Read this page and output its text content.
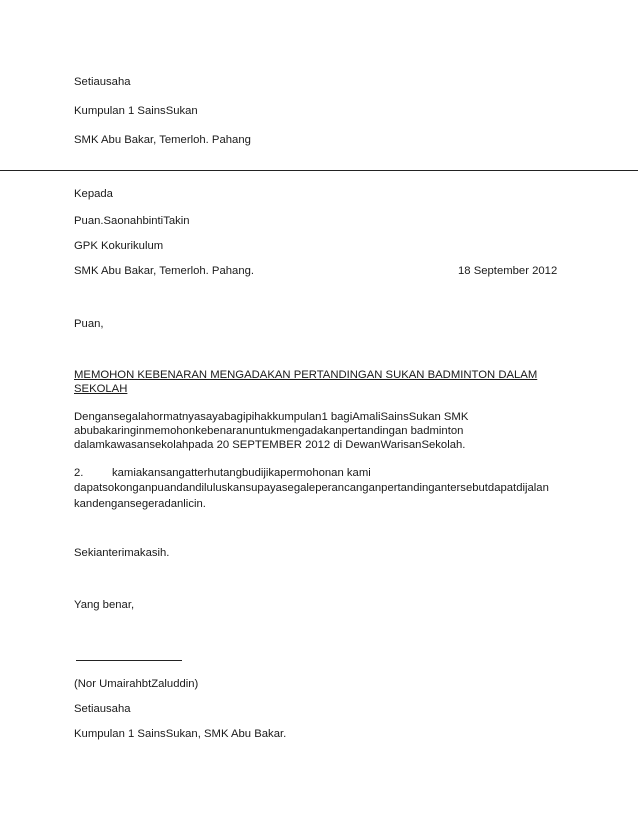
Setiausaha
Kumpulan 1 SainsSukan
SMK Abu Bakar, Temerloh. Pahang
Kepada
Puan.SaonahbintiTakin
GPK Kokurikulum
SMK Abu Bakar, Temerloh. Pahang.	18 September 2012
Puan,
MEMOHON KEBENARAN MENGADAKAN PERTANDINGAN SUKAN BADMINTON DALAM
SEKOLAH
Dengansegalahormatnyasayabagipihakkumpulan1 bagiAmaliSainsSukan SMK
abubakaringinmemohonkebenaranuntukmengadakanpertandingan badminton
dalamkawasansekolahpada 20 SEPTEMBER 2012 di DewanWarisanSekolah.
2.	kamiakansangatterhutangbudijikapermohonan kami
dapatsokonganpuandandiluluskansupayasegaleperancanganpertandingantersebutdapatdijalan
kandengansegeradanlicin.
Sekianterimakasih.
Yang benar,
(Nor UmairahbtZaluddin)
Setiausaha
Kumpulan 1 SainsSukan, SMK Abu Bakar.
